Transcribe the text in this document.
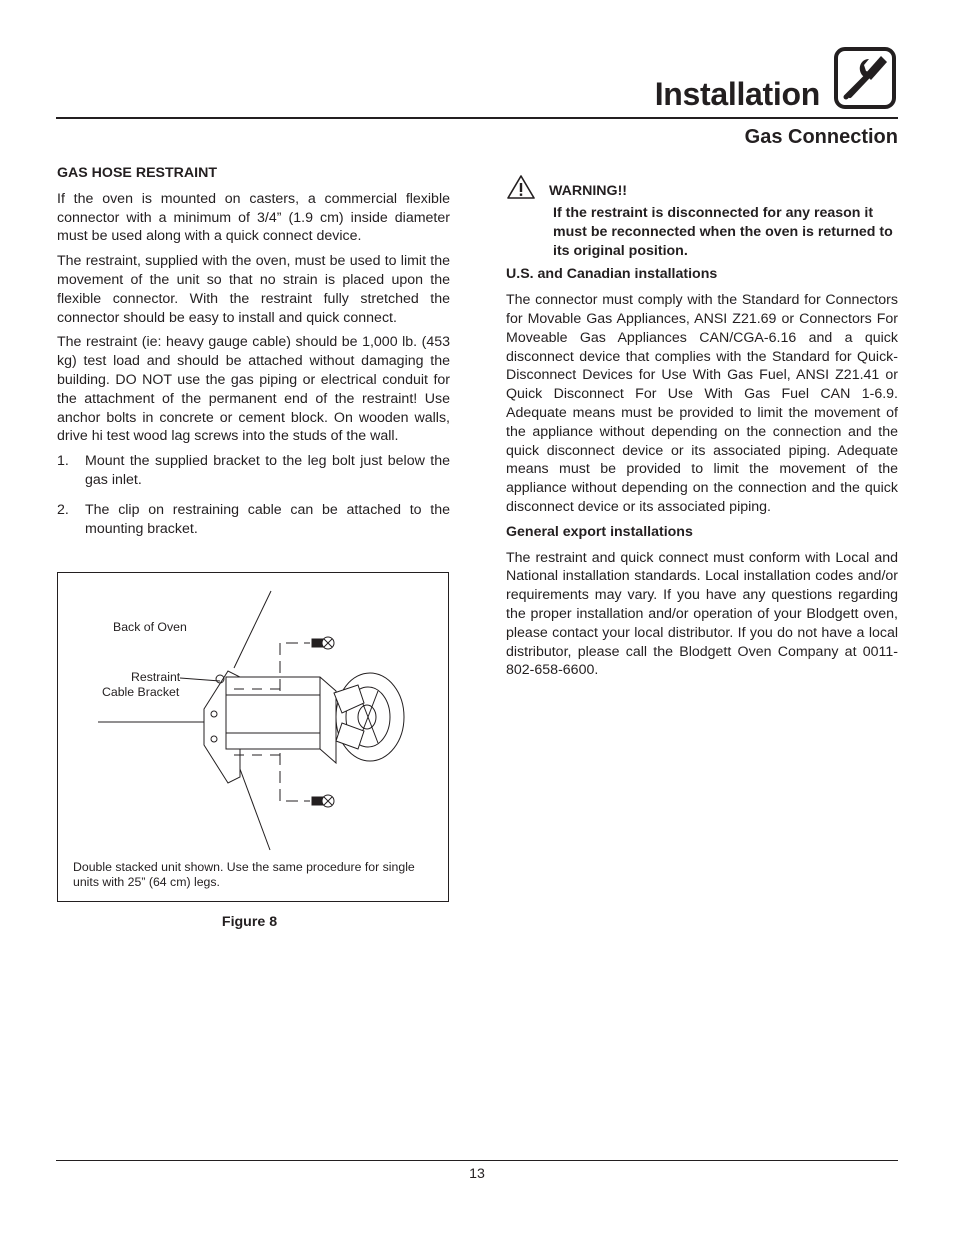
Installation
Gas Connection
GAS HOSE RESTRAINT

If the oven is mounted on casters, a commercial flexible connector with a minimum of 3/4” (1.9 cm) inside diameter must be used along with a quick connect device.

The restraint, supplied with the oven, must be used to limit the movement of the unit so that no strain is placed upon the flexible connector. With the restraint fully stretched the connector should be easy to install and quick connect.

The restraint (ie: heavy gauge cable) should be 1,000 lb. (453 kg) test load and should be attached without damaging the building. DO NOT use the gas piping or electrical conduit for the attachment of the permanent end of the restraint! Use anchor bolts in concrete or cement block. On wooden walls, drive hi test wood lag screws into the studs of the wall.

1.	Mount the supplied bracket to the leg bolt just below the gas inlet.
2.	The clip on restraining cable can be attached to the mounting bracket.
Back of Oven
Restraint
Cable Bracket
Double stacked unit shown. Use the same procedure for single units with 25” (64 cm) legs.
Figure 8
WARNING!!

If the restraint is disconnected for any reason it must be reconnected when the oven is returned to its original position.

U.S. and Canadian installations

The connector must comply with the Standard for Connectors for Movable Gas Appliances, ANSI Z21.69 or Connectors For Moveable Gas Appliances CAN/CGA-6.16 and a quick disconnect device that complies with the Standard for Quick-Disconnect Devices for Use With Gas Fuel, ANSI Z21.41 or Quick Disconnect For Use With Gas Fuel CAN 1-6.9. Adequate means must be provided to limit the movement of the appliance without depending on the connection and the quick disconnect device or its associated piping. Adequate means must be provided to limit the movement of the appliance without depending on the connection and the quick disconnect device or its associated piping.

General export installations

The restraint and quick connect must conform with Local and National installation standards. Local installation codes and/or requirements may vary. If you have any questions regarding the proper installation and/or operation of your Blodgett oven, please contact your local distributor. If you do not have a local distributor, please call the Blodgett Oven Company at 0011-802-658-6600.

13
